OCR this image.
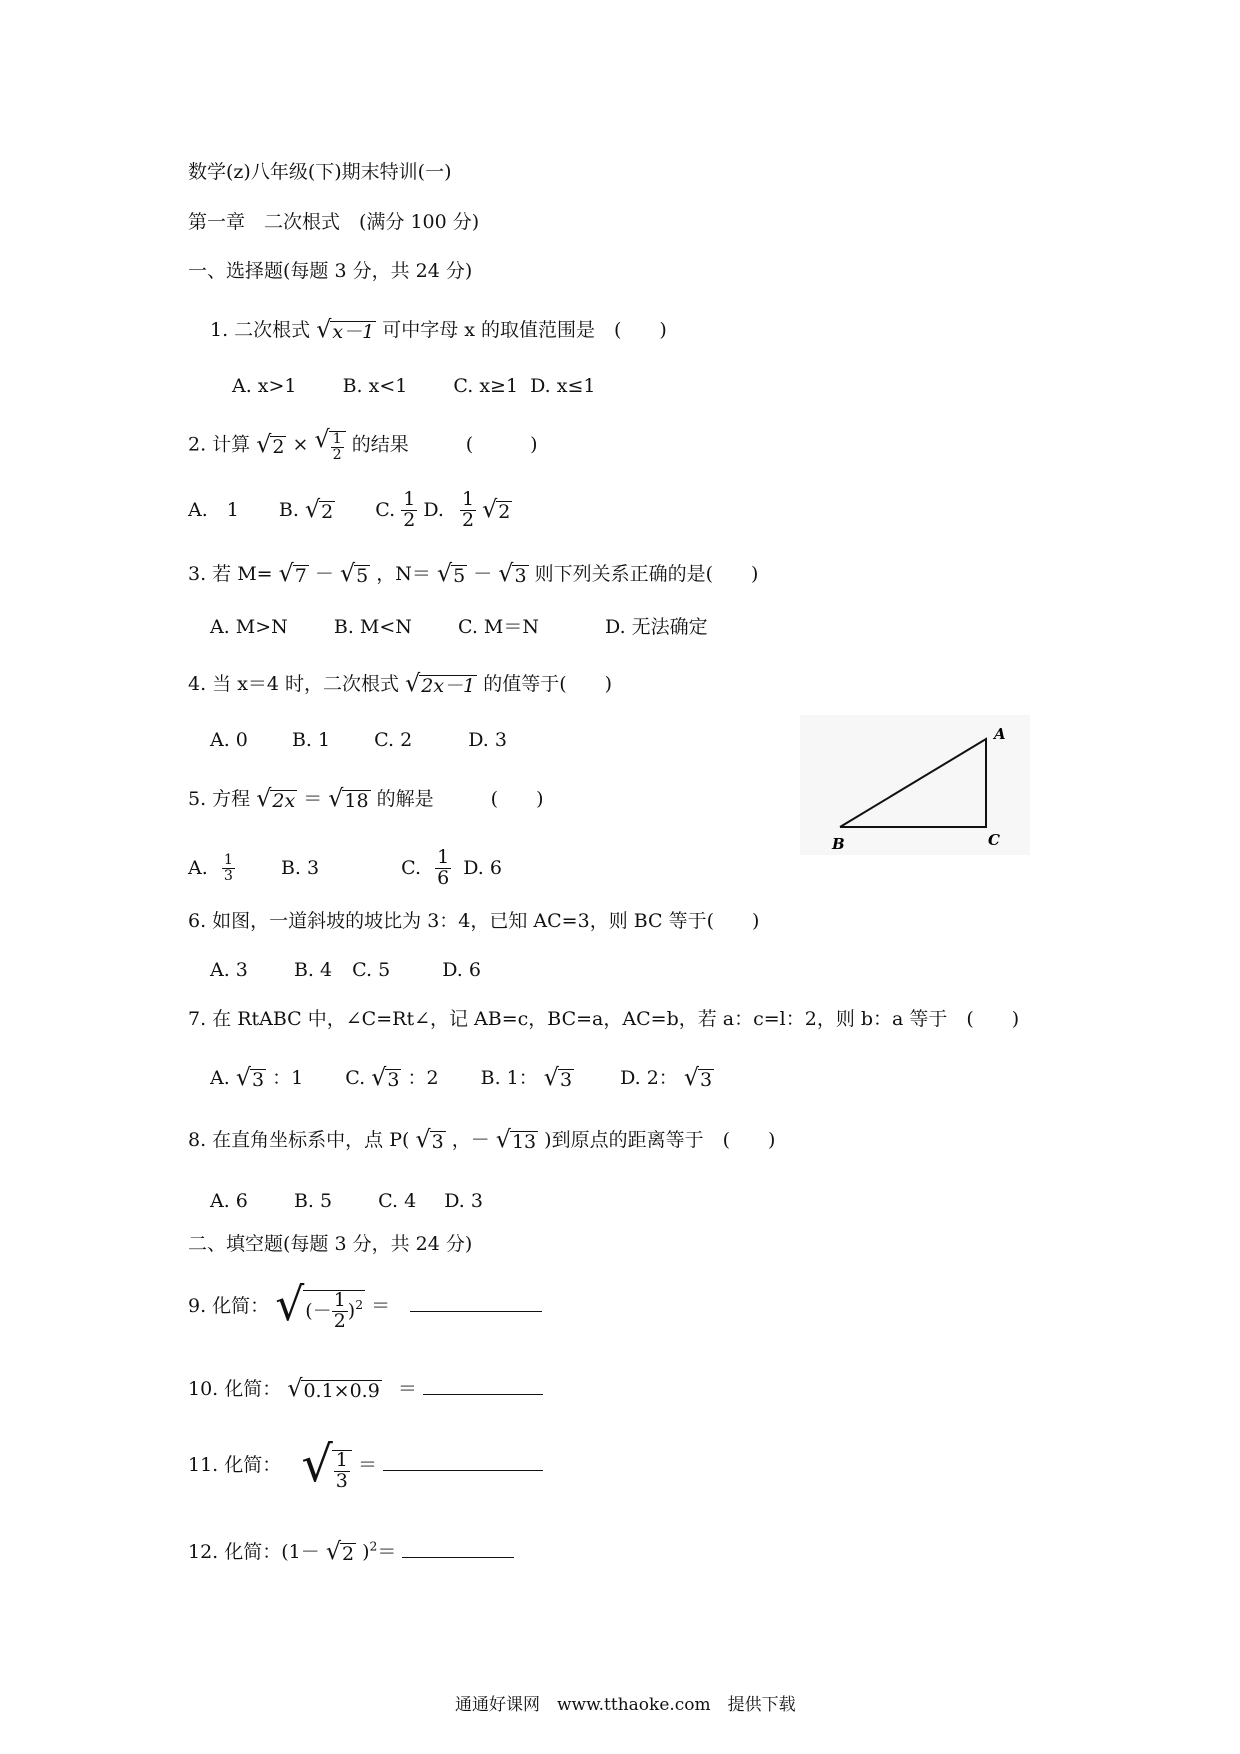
数学(z)八年级(下)期末特训(一)
第一章　二次根式　(满分 100 分)
一、选择题(每题 3 分，共 24 分)
1. 二次根式 √ x－1 可中字母 x 的取值范围是　(　　)
A. x>1 B. x<1 C. x≥1 D. x≤1
2. 计算 √ 2 × √ $\frac{1}{2}$ 的结果　　　(　　　)
A.　1 B. √ 2 C. $\frac{1}{2} D$. $\frac{1}{2}$
√ 2
3. 若 M= √ 7 － √ 5 ，N＝ √ 5 － √ 3 则下列关系正确的是(　　)
A. M>N B. M<N C. M＝N	D. 无法确定
4. 当 x＝4 时，二次根式 √ 2x－1 的值等于(　　)
A. 0 B. 1 C. 2	D. 3	A
B	C
5. 方程 √ 2x ＝ √ 18 的解是　　　(　　)
A. $\frac{1}{3} B$. 3	C. $\frac{1}{6} D$. 6
6. 如图，一道斜坡的坡比为 3：4，已知 AC=3，则 BC 等于(　　)
A. 3 B. 4 C. 5	D. 6
7. 在 RtABC 中，∠C=Rt∠，记 AB=c，BC=a，AC=b，若 a：c=l：2，则 b：a 等于　(　　)
A. √ 3 ：1 C. √ 3 ：2 B. 1： √ 3	D. 2： √ 3
8. 在直角坐标系中，点 P( √ 3 ，－ √ 13 )到原点的距离等于　(　　)
A. 6 B. 5 C. 4 D. 3
二、填空题(每题 3 分，共 24 分)
9. 化简： √ (－ $\frac{1}{2} )^2$ ＝
10. 化简： √ 0.1×0.9 ＝
11. 化简： √ $\frac{1}{3}$ ＝
12. 化简：(1－ √ 2 )$^2$＝
通通好课网　www.tthaoke.com　提供下载
